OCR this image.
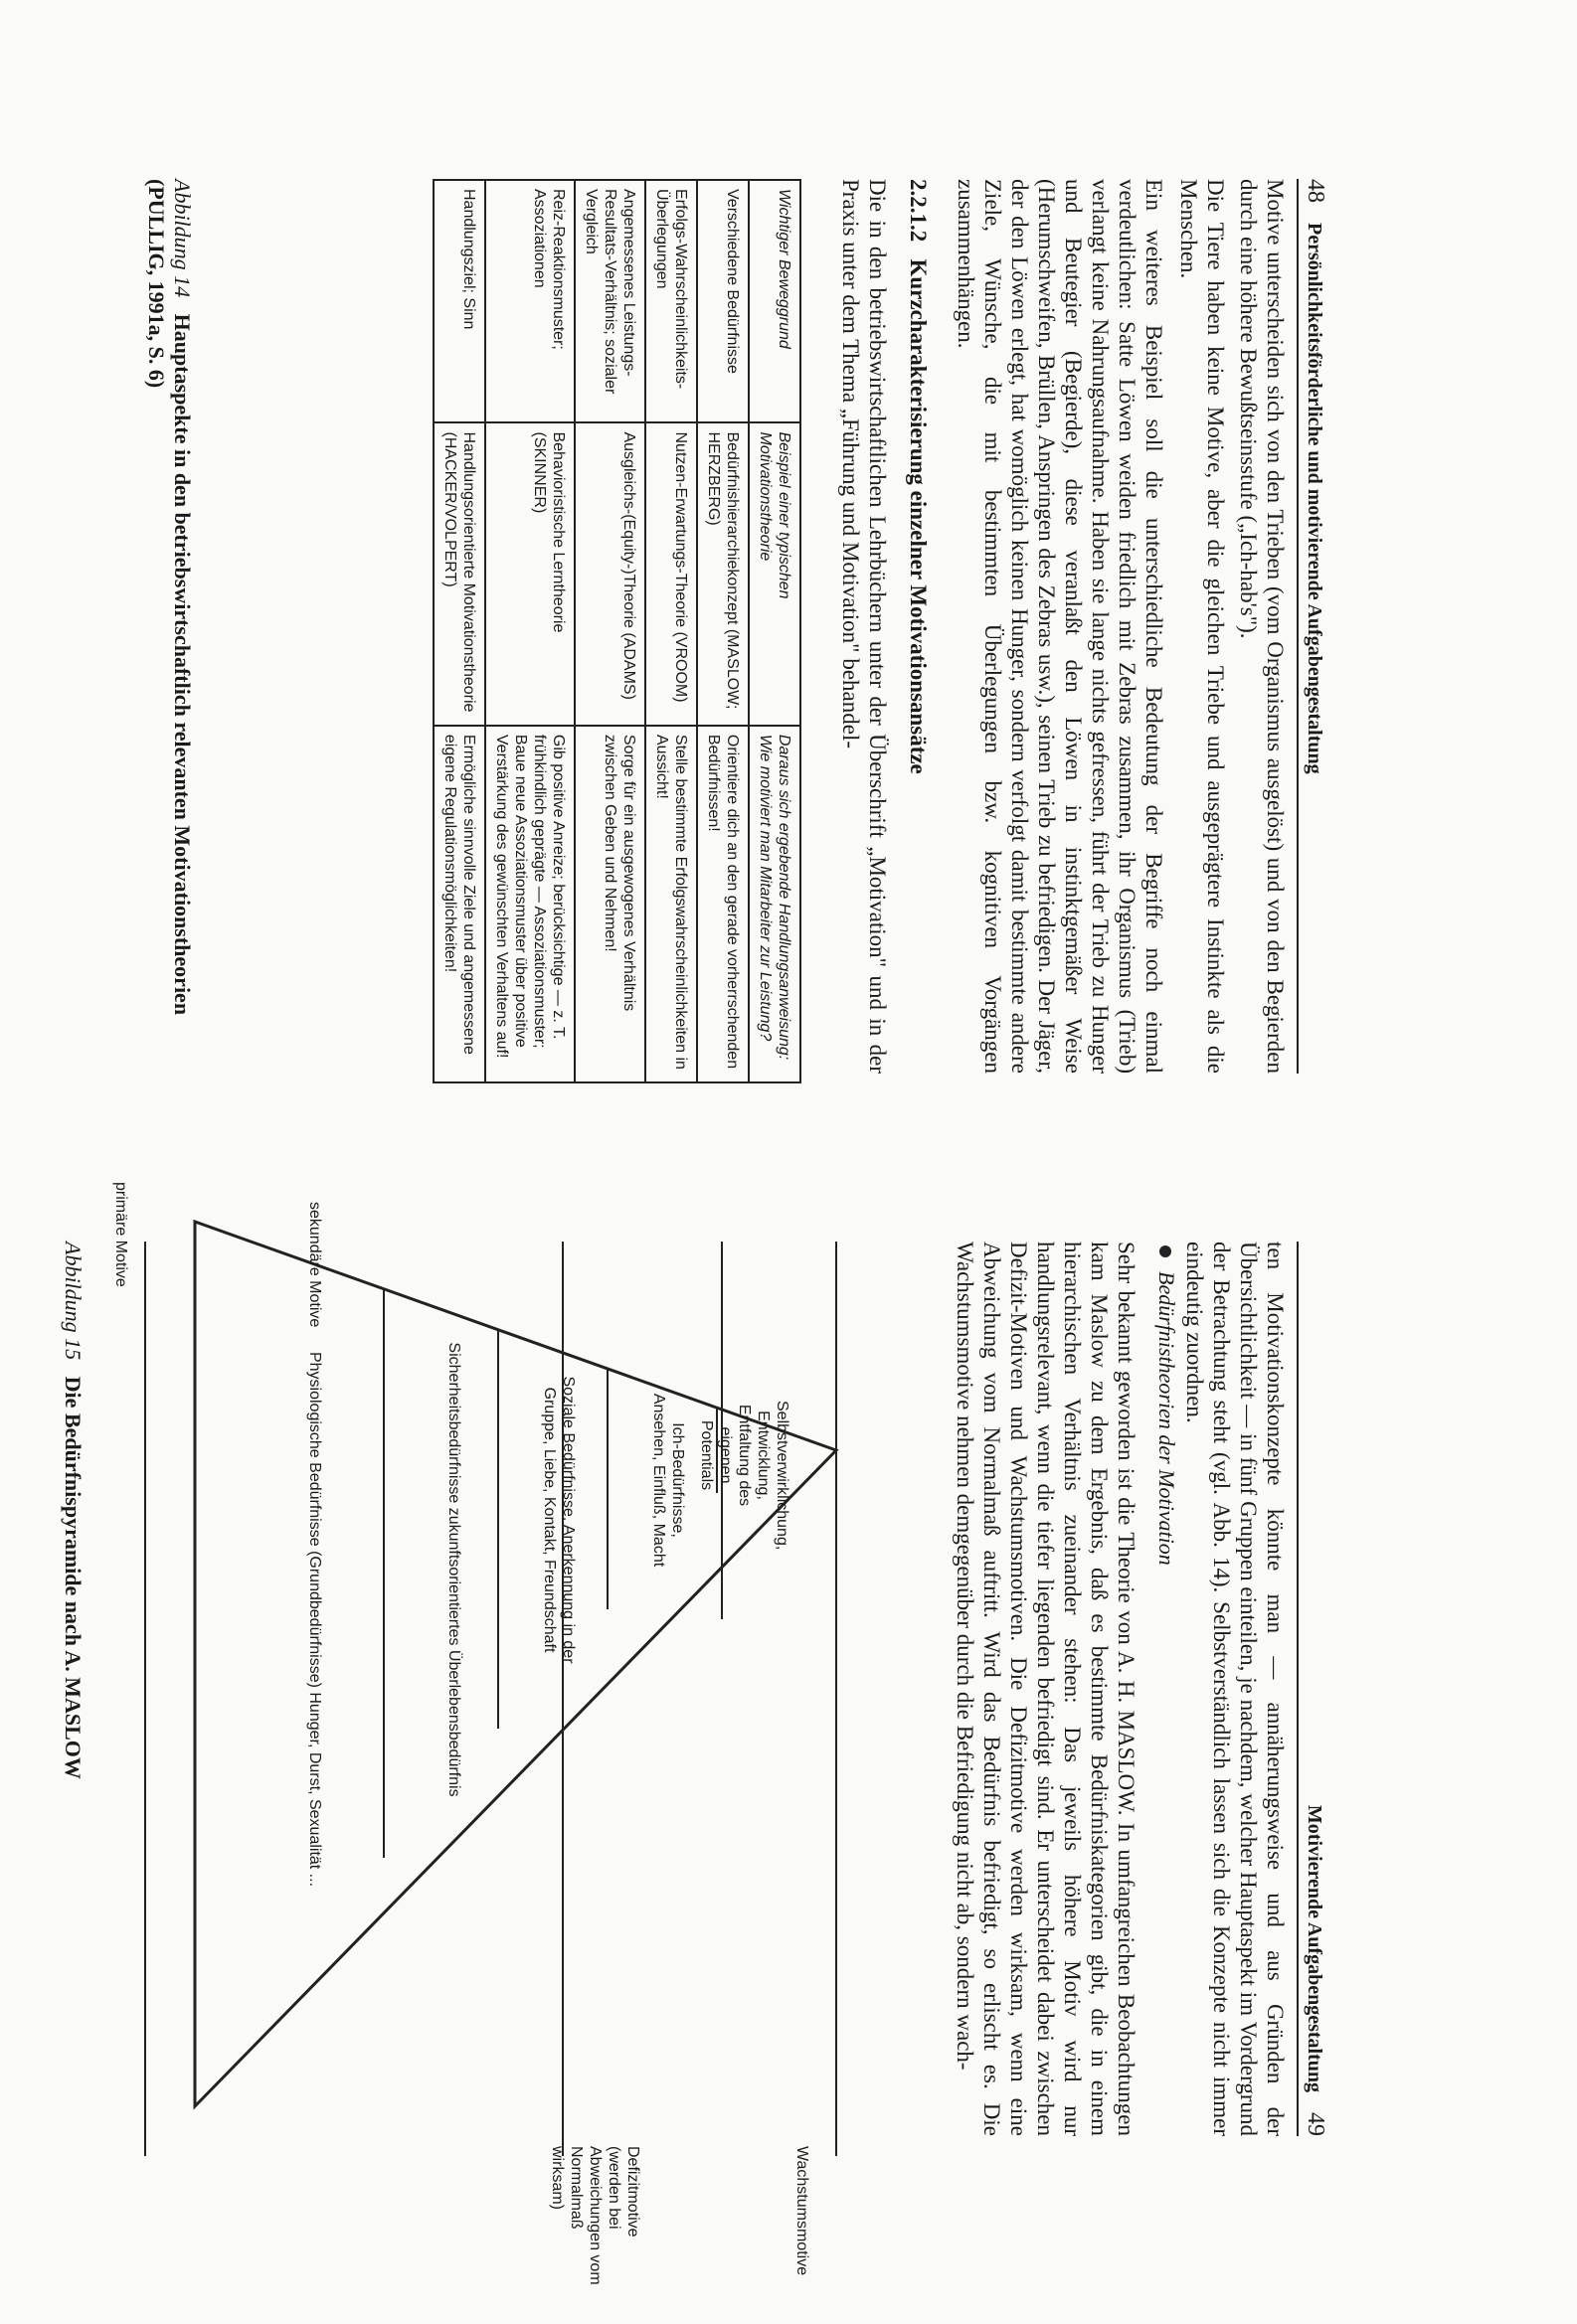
48    Persönlichkeitsförderliche und motivierende Aufgabengestaltung
Motive unterscheiden sich von den Trieben (vom Organismus ausgelöst) und von den Begierden durch eine höhere Bewußtseinsstufe („Ich-hab's").
Die Tiere haben keine Motive, aber die gleichen Triebe und ausgeprägtere Instinkte als die Menschen.
Ein weiteres Beispiel soll die unterschiedliche Bedeutung der Begriffe noch einmal verdeutlichen: Satte Löwen weiden friedlich mit Zebras zusammen, ihr Organismus (Trieb) verlangt keine Nahrungsaufnahme. Haben sie lange nichts gefressen, führt der Trieb zu Hunger und Beutegier (Begierde), diese veranlaßt den Löwen in instinktgemäßer Weise (Herumschweifen, Brüllen, Anspringen des Zebras usw.), seinen Trieb zu befriedigen. Der Jäger, der den Löwen erlegt, hat womöglich keinen Hunger, sondern verfolgt damit bestimmte andere Ziele, Wünsche, die mit bestimmten Überlegungen bzw. kognitiven Vorgängen zusammenhängen.
2.2.1.2   Kurzcharakterisierung einzelner Motivationsansätze
Die in den betriebswirtschaftlichen Lehrbüchern unter der Überschrift „Motivation" und in der Praxis unter dem Thema „Führung und Motivation" behandel-
Wichtiger Beweggrund	Beispiel einer typischen Motivationstheorie	Daraus sich ergebende Handlungsanweisung: Wie motiviert man Mitarbeiter zur Leistung?
Verschiedene Bedürfnisse	Bedürfnishierarchiekonzept (MASLOW; HERZBERG)	Orientiere dich an den gerade vorherrschenden Bedürfnissen!
Erfolgs-Wahrscheinlichkeits-Überlegungen	Nutzen-Erwartungs-Theorie (VROOM)	Stelle bestimmte Erfolgswahrscheinlichkeiten in Aussicht!
Angemessenes Leistungs-Resultats-Verhältnis; sozialer Vergleich	Ausgleichs-(Equity-)Theorie (ADAMS)	Sorge für ein ausgewogenes Verhältnis zwischen Geben und Nehmen!
Reiz-Reaktionsmuster; Assoziationen	Behavioristische Lerntheorie (SKINNER)	Gib positive Anreize; berücksichtige — z. T. frühkindlich geprägte — Assoziationsmuster; Baue neue Assoziationsmuster über positive Verstärkung des gewünschten Verhaltens auf!
Handlungsziel; Sinn	Handlungsorientierte Motivationstheorie (HACKER/VOLPERT)	Ermögliche sinnvolle Ziele und angemessene eigene Regulationsmöglichkeiten!
Abbildung 14   Hauptaspekte in den betriebswirtschaftlich relevanten Motivationstheorien (PULLIG, 1991a, S. 6)
Motivierende Aufgabengestaltung    49
ten Motivationskonzepte könnte man — annäherungsweise und aus Gründen der Übersichtlichkeit — in fünf Gruppen einteilen, je nachdem, welcher Hauptaspekt im Vordergrund der Betrachtung steht (vgl. Abb. 14). Selbstverständlich lassen sich die Konzepte nicht immer eindeutig zuordnen.
Bedürfnistheorien der Motivation
Sehr bekannt geworden ist die Theorie von A. H. MASLOW. In umfangreichen Beobachtungen kam Maslow zu dem Ergebnis, daß es bestimmte Bedürfniskategorien gibt, die in einem hierarchischen Verhältnis zueinander stehen: Das jeweils höhere Motiv wird nur handlungsrelevant, wenn die tiefer liegenden befriedigt sind. Er unterscheidet dabei zwischen Defizit-Motiven und Wachstumsmotiven. Die Defizitmotive werden wirksam, wenn eine Abweichung vom Normalmaß auftritt. Wird das Bedürfnis befriedigt, so erlischt es. Die Wachstumsmotive nehmen demgegenüber durch die Befriedigung nicht ab, sondern wach-
Selbstverwirklichung, Entwicklung, Entfaltung des eigenen Potentials
Ich-Bedürfnisse, Ansehen, Einfluß, Macht
Soziale Bedürfnisse, Anerkennung in der Gruppe, Liebe, Kontakt, Freundschaft
Sicherheitsbedürfnisse zukunftsorientiertes Überlebensbedürfnis
Physiologische Bedürfnisse (Grundbedürfnisse) Hunger, Durst, Sexualität ...
Wachstumsmotive
Defizitmotive (werden bei Abweichungen vom Normalmaß wirksam)
sekundäre Motive
primäre Motive
Abbildung 15   Die Bedürfnispyramide nach A. MASLOW
